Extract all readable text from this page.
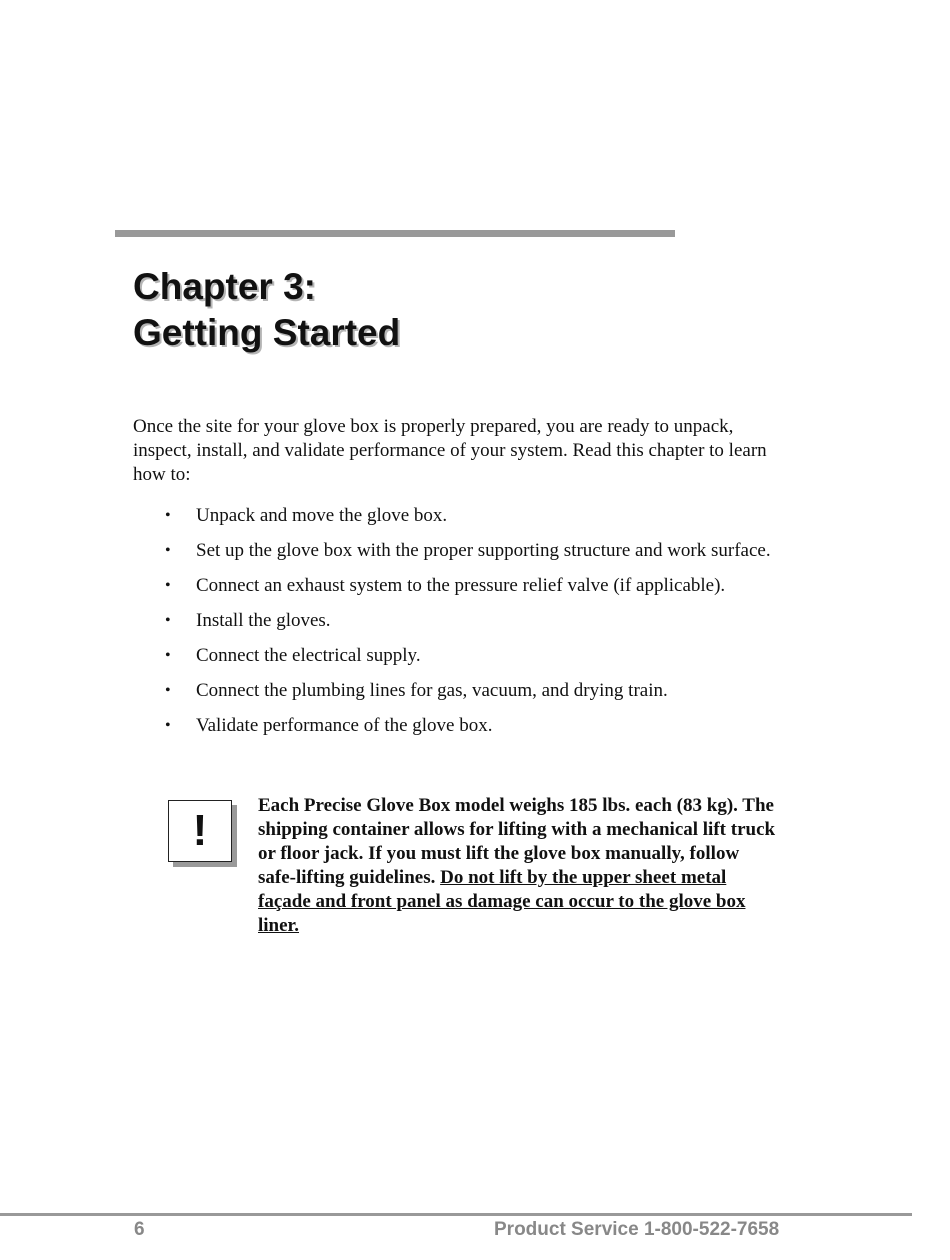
Chapter 3:
Getting Started

Once the site for your glove box is properly prepared, you are ready to unpack, inspect, install, and validate performance of your system. Read this chapter to learn how to:

• Unpack and move the glove box.
• Set up the glove box with the proper supporting structure and work surface.
• Connect an exhaust system to the pressure relief valve (if applicable).
• Install the gloves.
• Connect the electrical supply.
• Connect the plumbing lines for gas, vacuum, and drying train.
• Validate performance of the glove box.
!

Each Precise Glove Box model weighs 185 lbs. each (83 kg). The shipping container allows for lifting with a mechanical lift truck or floor jack. If you must lift the glove box manually, follow safe-lifting guidelines. Do not lift by the upper sheet metal façade and front panel as damage can occur to the glove box liner.

6	Product Service 1-800-522-7658
